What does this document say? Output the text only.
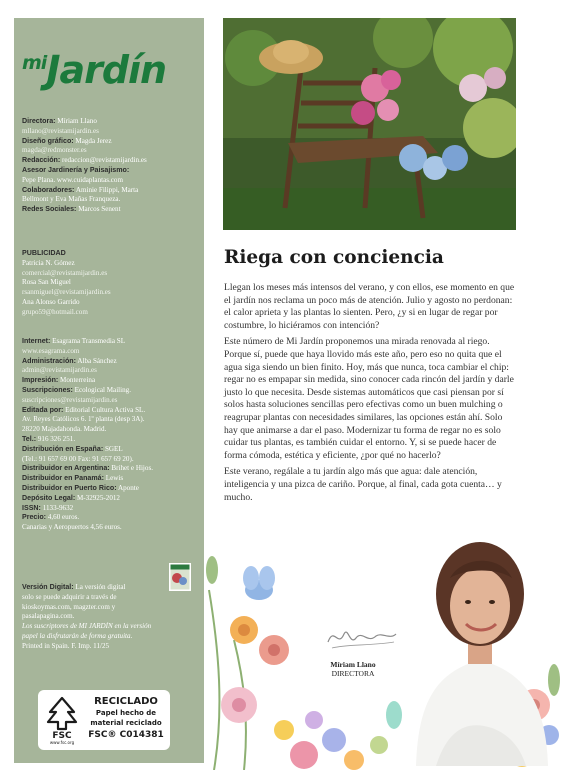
miJardín
Directora: Míriam Llano
mllano@revistamijardin.es
Diseño gráfico: Magda Jerez
magda@redmonster.es
Redacción: redaccion@revistamijardin.es
Asesor Jardinería y Paisajismo:
Pepe Plana. www.cuidaplantas.com
Colaboradores: Aminie Filippi, Marta
Bellmont y Eva Mañas Franqueza.
Redes Sociales: Marcos Senent
PUBLICIDAD
Patricia N. Gómez
comercial@revistamijardin.es
Rosa San Miguel
rsanmiguel@revistamijardin.es
Ana Alonso Garrido
grupo59@hotmail.com
Internet: Esagrama Transmedia SL
www.esagrama.com
Administración: Alba Sánchez
admin@revistamijardin.es
Impresión: Monterreina
Suscripciones: Ecological Mailing.
suscripciones@revistamijardin.es
Editada por: Editorial Cultura Activa SL.
Av. Reyes Católicos 6. 1º planta (desp 3A).
28220 Majadahonda. Madrid.
Tel.: 916 326 251.
Distribución en España: SGEL
(Tel.: 91 657 69 00 Fax: 91 657 69 20).
Distribuidor en Argentina: Brihet e Hijos.
Distribuidor en Panamá: Lewis
Distribuidor en Puerto Rico: Aponte
Depósito Legal: M-32925-2012
ISSN: 1133-9632
Precio: 4,60 euros.
Canarias y Aeropuertos 4,56 euros.
Versión Digital: La versión digital
solo se puede adquirir a través de
kioskoymas.com, magzter.com y
pasalapagina.com.
Los suscriptores de MI JARDÍN en la versión
papel la disfrutarán de forma gratuita.
Printed in Spain. F. Imp. 11/25
FSC
www.fsc.org
RECICLADO
Papel hecho de
material reciclado
FSC® C014381
Riega con conciencia

Llegan los meses más intensos del verano, y con ellos, ese momento en que el jardín nos reclama un poco más de atención. Julio y agosto no perdonan: el calor aprieta y las plantas lo sienten. Pero, ¿y si en lugar de regar por costumbre, lo hiciéramos con intención?

Este número de Mi Jardín proponemos una mirada renovada al riego. Porque sí, puede que haya llovido más este año, pero eso no quita que el agua siga siendo un bien finito. Hoy, más que nunca, toca cambiar el chip: regar no es empapar sin medida, sino conocer cada rincón del jardín y darle justo lo que necesita. Desde sistemas automáticos que casi piensan por sí solos hasta soluciones sencillas pero efectivas como un buen mulching o reagrupar plantas con necesidades similares, las opciones están ahí. Solo hay que animarse a dar el paso. Modernizar tu forma de regar no es solo cuidar tus plantas, es también cuidar el entorno. Y, si se puede hacer de forma cómoda, estética y eficiente, ¿por qué no hacerlo?

Este verano, regálale a tu jardín algo más que agua: dale atención, inteligencia y una pizca de cariño. Porque, al final, cada gota cuenta… y mucho.

Míriam Llano
DIRECTORA
